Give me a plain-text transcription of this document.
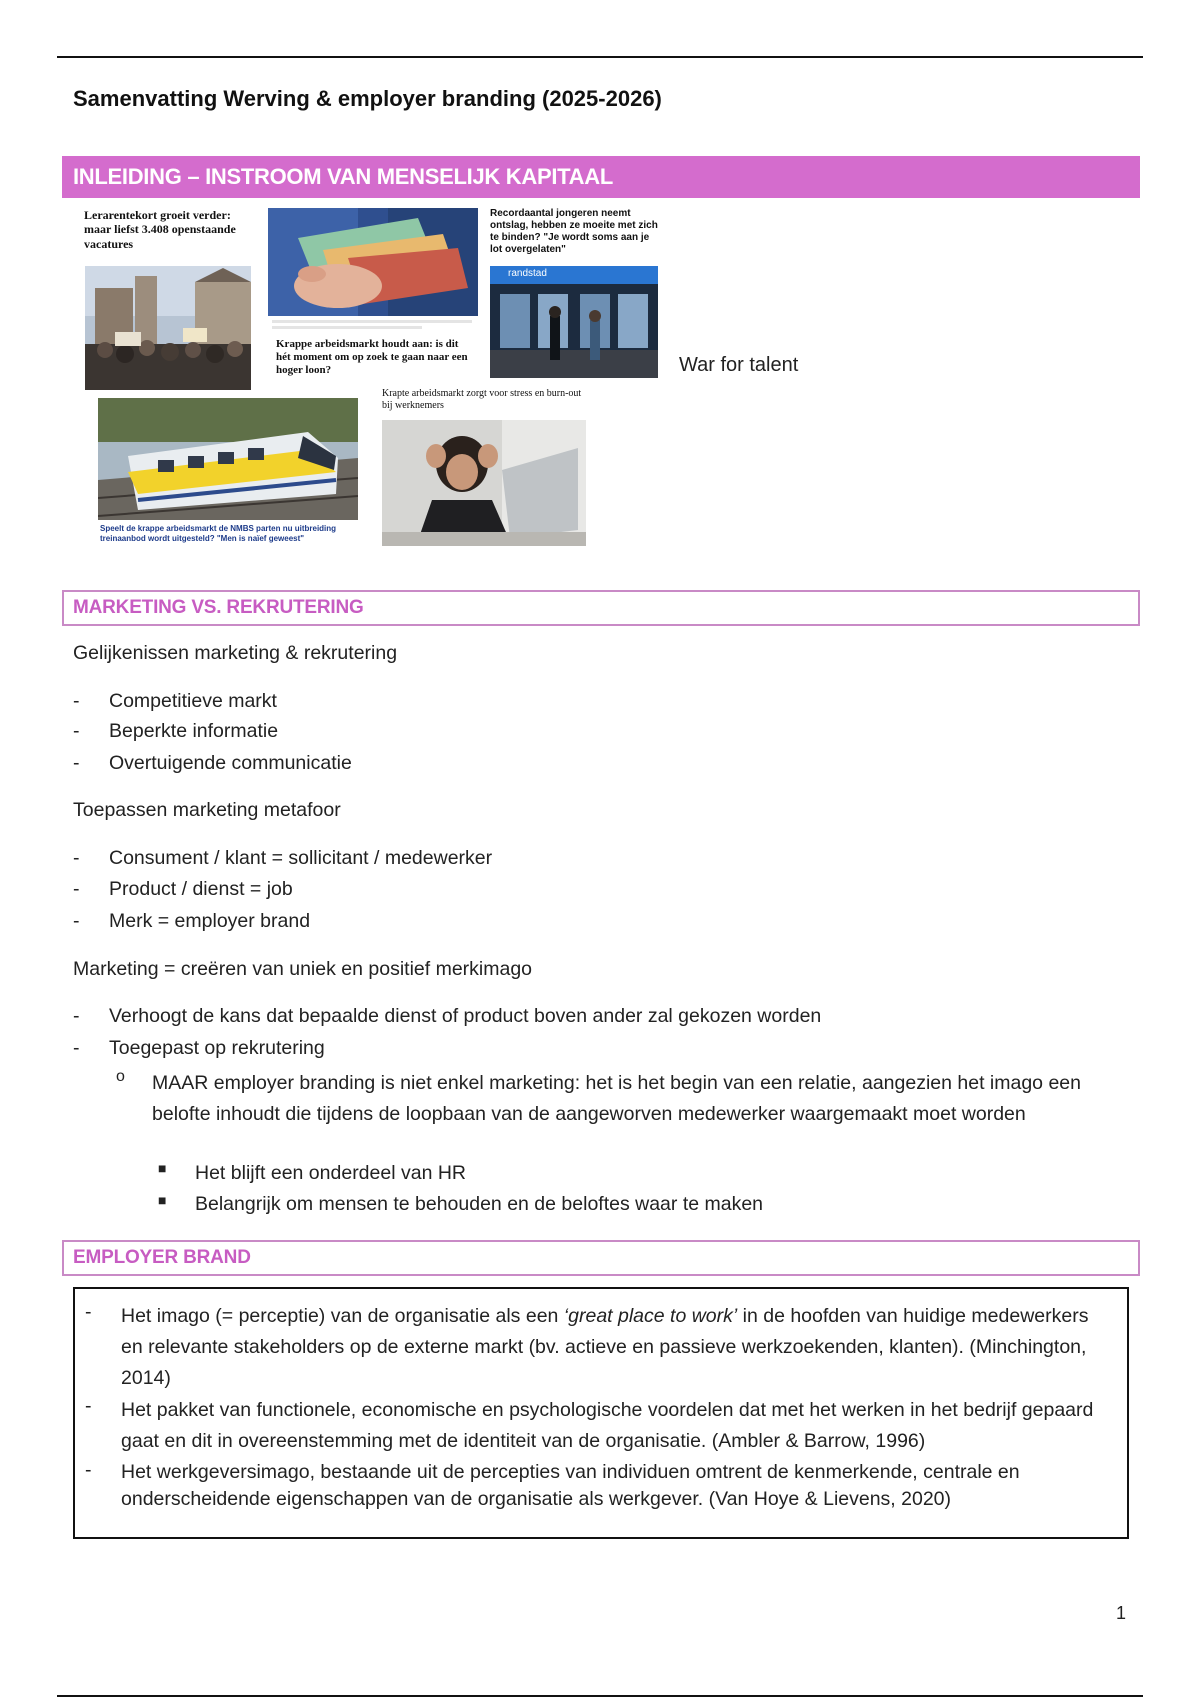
Samenvatting Werving & employer branding (2025-2026)
INLEIDING – INSTROOM VAN MENSELIJK KAPITAAL
Lerarentekort groeit verder: maar liefst 3.408 openstaande vacatures
Krappe arbeidsmarkt houdt aan: is dit hét moment om op zoek te gaan naar een hoger loon?
Recordaantal jongeren neemt ontslag, hebben ze moeite met zich te binden? "Je wordt soms aan je lot overgelaten"
randstad
Speelt de krappe arbeidsmarkt de NMBS parten nu uitbreiding treinaanbod wordt uitgesteld? "Men is naïef geweest"
Krapte arbeidsmarkt zorgt voor stress en burn-out bij werknemers
War for talent
MARKETING VS. REKRUTERING
Gelijkenissen marketing & rekrutering
- Competitieve markt
- Beperkte informatie
- Overtuigende communicatie
Toepassen marketing metafoor
- Consument / klant = sollicitant / medewerker
- Product / dienst = job
- Merk = employer brand
Marketing = creëren van uniek en positief merkimago
- Verhoogt de kans dat bepaalde dienst of product boven ander zal gekozen worden
- Toegepast op rekrutering
o MAAR employer branding is niet enkel marketing: het is het begin van een relatie, aangezien het imago een belofte inhoudt die tijdens de loopbaan van de aangeworven medewerker waargemaakt moet worden
■ Het blijft een onderdeel van HR
■ Belangrijk om mensen te behouden en de beloftes waar te maken
EMPLOYER BRAND
- Het imago (= perceptie) van de organisatie als een ‘great place to work’ in de hoofden van huidige medewerkers en relevante stakeholders op de externe markt (bv. actieve en passieve werkzoekenden, klanten). (Minchington, 2014)
- Het pakket van functionele, economische en psychologische voordelen dat met het werken in het bedrijf gepaard gaat en dit in overeenstemming met de identiteit van de organisatie. (Ambler & Barrow, 1996)
- Het werkgeversimago, bestaande uit de percepties van individuen omtrent de kenmerkende, centrale en onderscheidende eigenschappen van de organisatie als werkgever. (Van Hoye & Lievens, 2020)
1
